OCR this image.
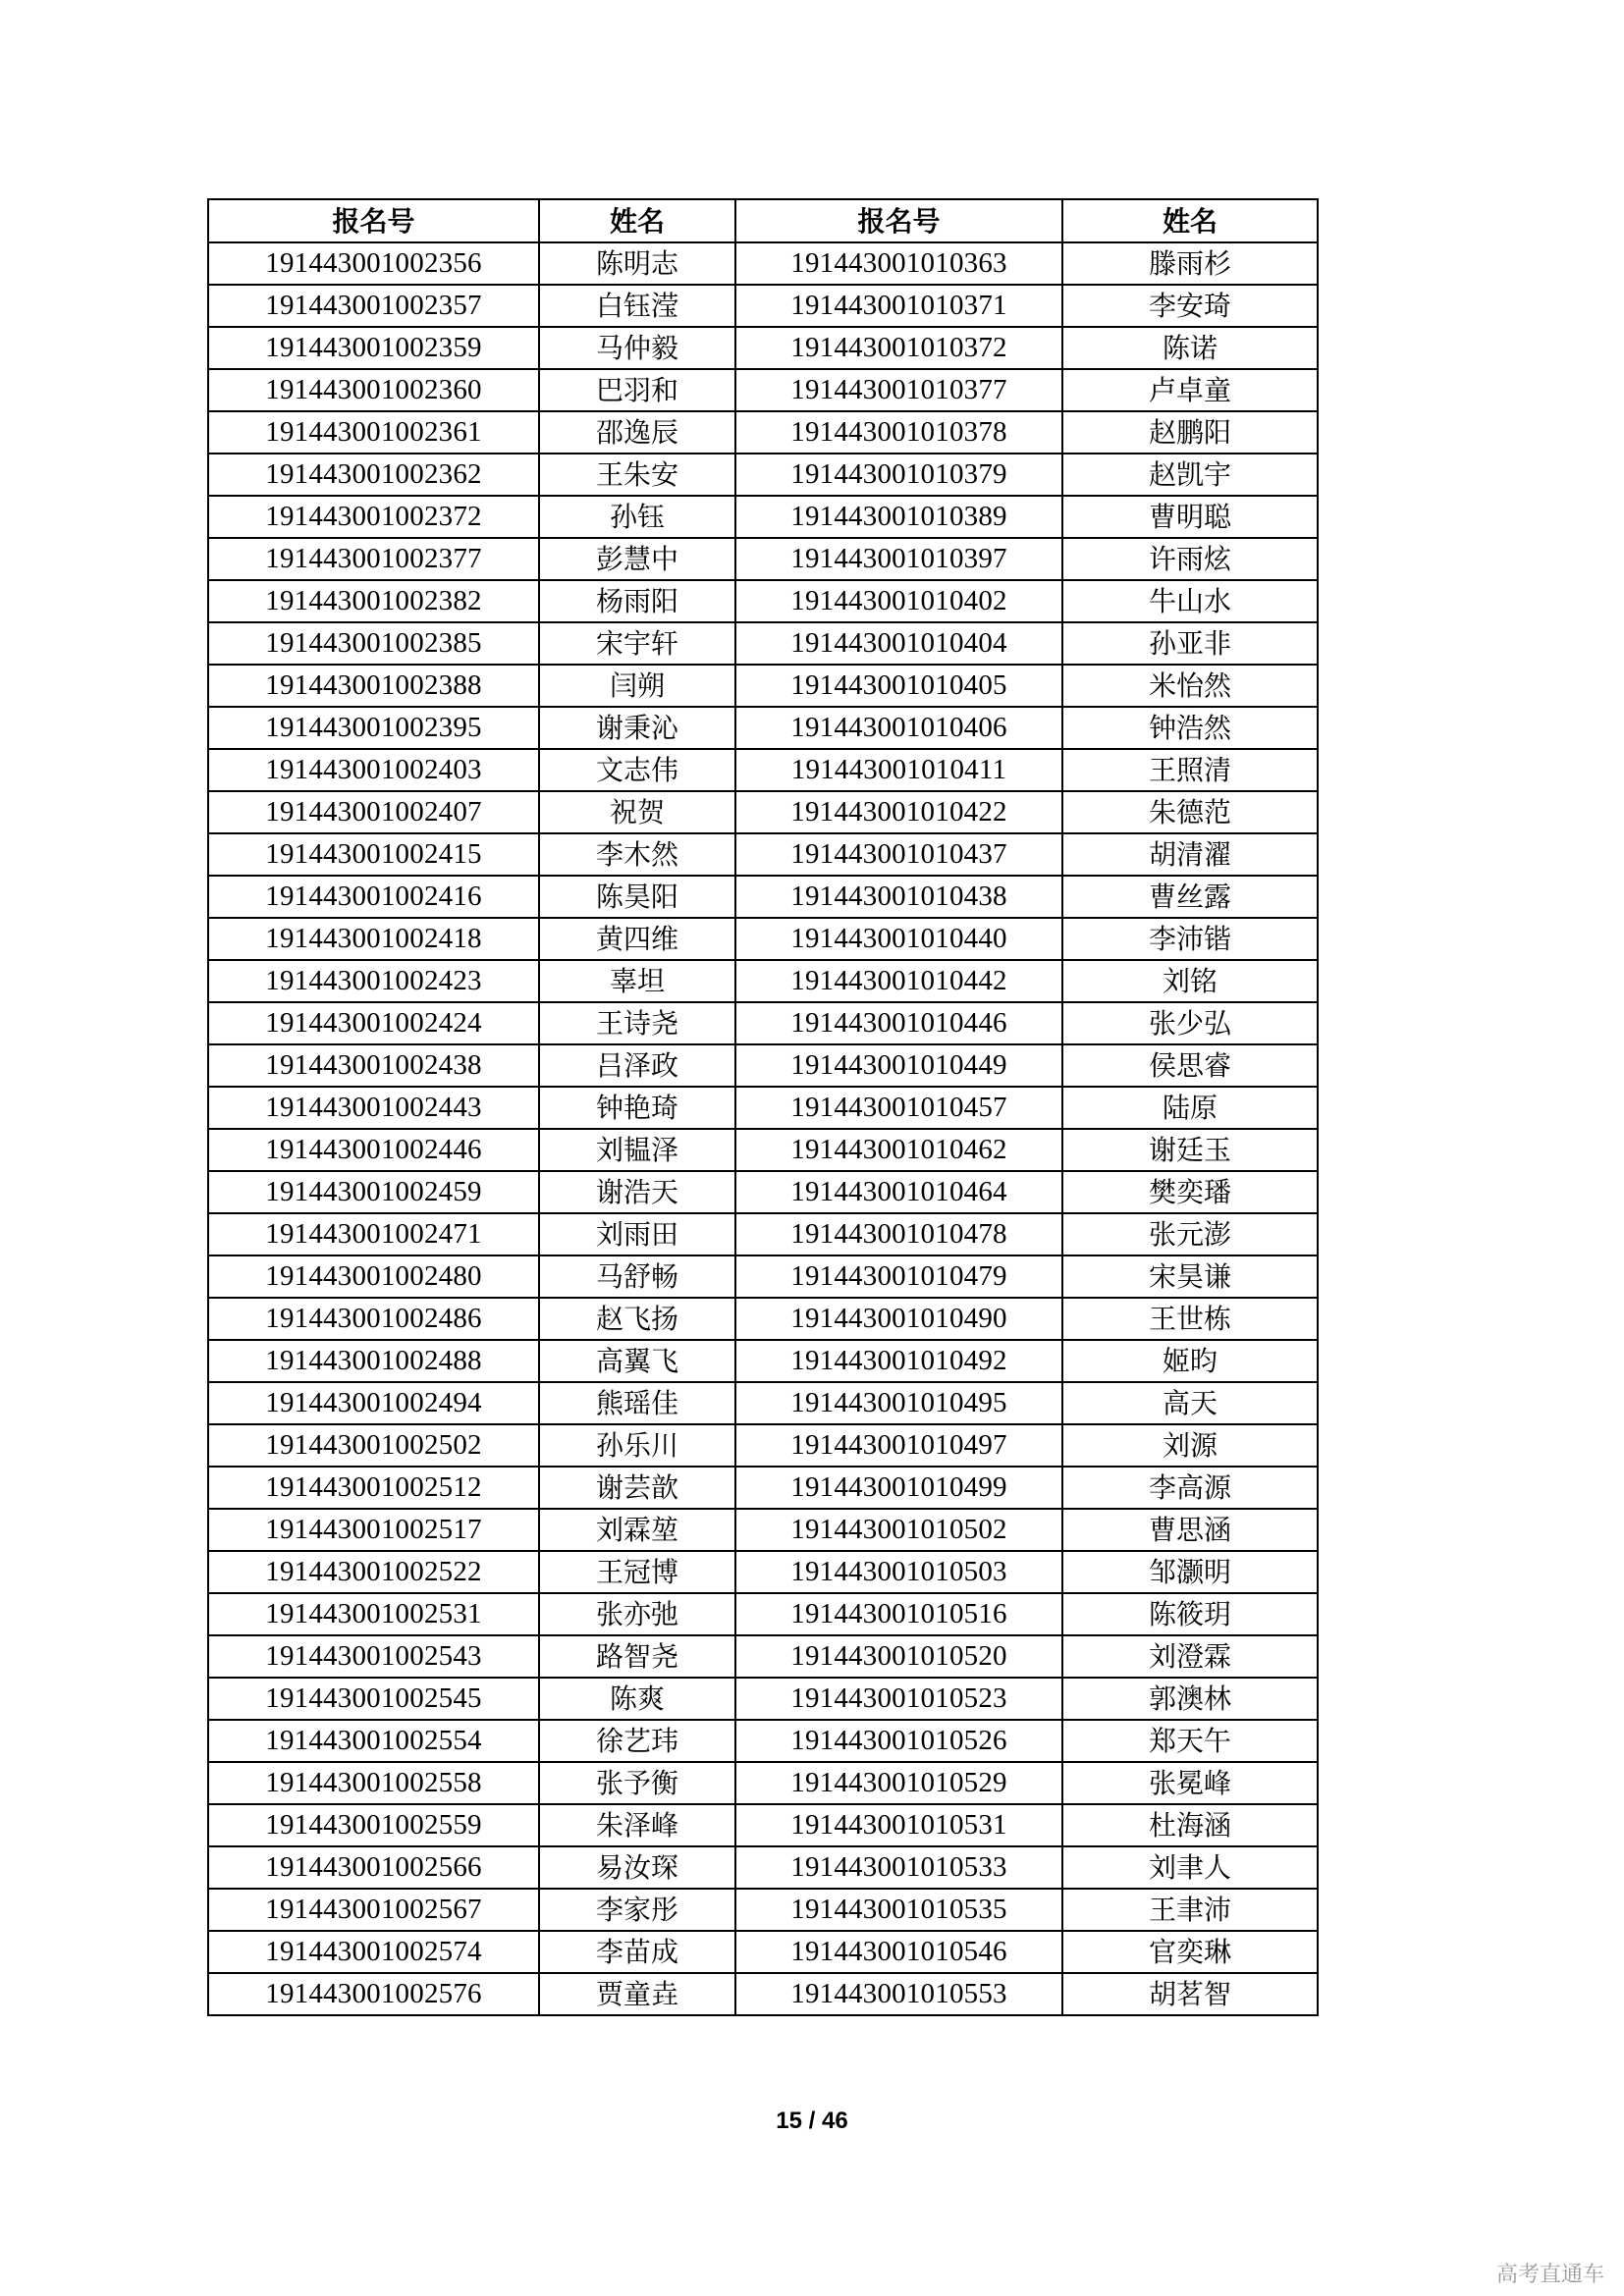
报名号	姓名	报名号	姓名
191443001002356	陈明志	191443001010363	滕雨杉
191443001002357	白钰滢	191443001010371	李安琦
191443001002359	马仲毅	191443001010372	陈诺
191443001002360	巴羽和	191443001010377	卢卓童
191443001002361	邵逸辰	191443001010378	赵鹏阳
191443001002362	王朱安	191443001010379	赵凯宇
191443001002372	孙钰	191443001010389	曹明聪
191443001002377	彭慧中	191443001010397	许雨炫
191443001002382	杨雨阳	191443001010402	牛山水
191443001002385	宋宇轩	191443001010404	孙亚非
191443001002388	闫朔	191443001010405	米怡然
191443001002395	谢秉沁	191443001010406	钟浩然
191443001002403	文志伟	191443001010411	王照清
191443001002407	祝贺	191443001010422	朱德范
191443001002415	李木然	191443001010437	胡清濯
191443001002416	陈昊阳	191443001010438	曹丝露
191443001002418	黄四维	191443001010440	李沛锴
191443001002423	辜坦	191443001010442	刘铭
191443001002424	王诗尧	191443001010446	张少弘
191443001002438	吕泽政	191443001010449	侯思睿
191443001002443	钟艳琦	191443001010457	陆原
191443001002446	刘韫泽	191443001010462	谢廷玉
191443001002459	谢浩天	191443001010464	樊奕璠
191443001002471	刘雨田	191443001010478	张元澎
191443001002480	马舒畅	191443001010479	宋昊谦
191443001002486	赵飞扬	191443001010490	王世栋
191443001002488	高翼飞	191443001010492	姬昀
191443001002494	熊瑶佳	191443001010495	高天
191443001002502	孙乐川	191443001010497	刘源
191443001002512	谢芸歆	191443001010499	李高源
191443001002517	刘霖堃	191443001010502	曹思涵
191443001002522	王冠博	191443001010503	邹灏明
191443001002531	张亦弛	191443001010516	陈筱玥
191443001002543	路智尧	191443001010520	刘澄霖
191443001002545	陈爽	191443001010523	郭澳林
191443001002554	徐艺玮	191443001010526	郑天午
191443001002558	张予衡	191443001010529	张冕峰
191443001002559	朱泽峰	191443001010531	杜海涵
191443001002566	易汝琛	191443001010533	刘聿人
191443001002567	李家彤	191443001010535	王聿沛
191443001002574	李苗成	191443001010546	官奕琳
191443001002576	贾童垚	191443001010553	胡茗智
15 / 46
高考直通车
